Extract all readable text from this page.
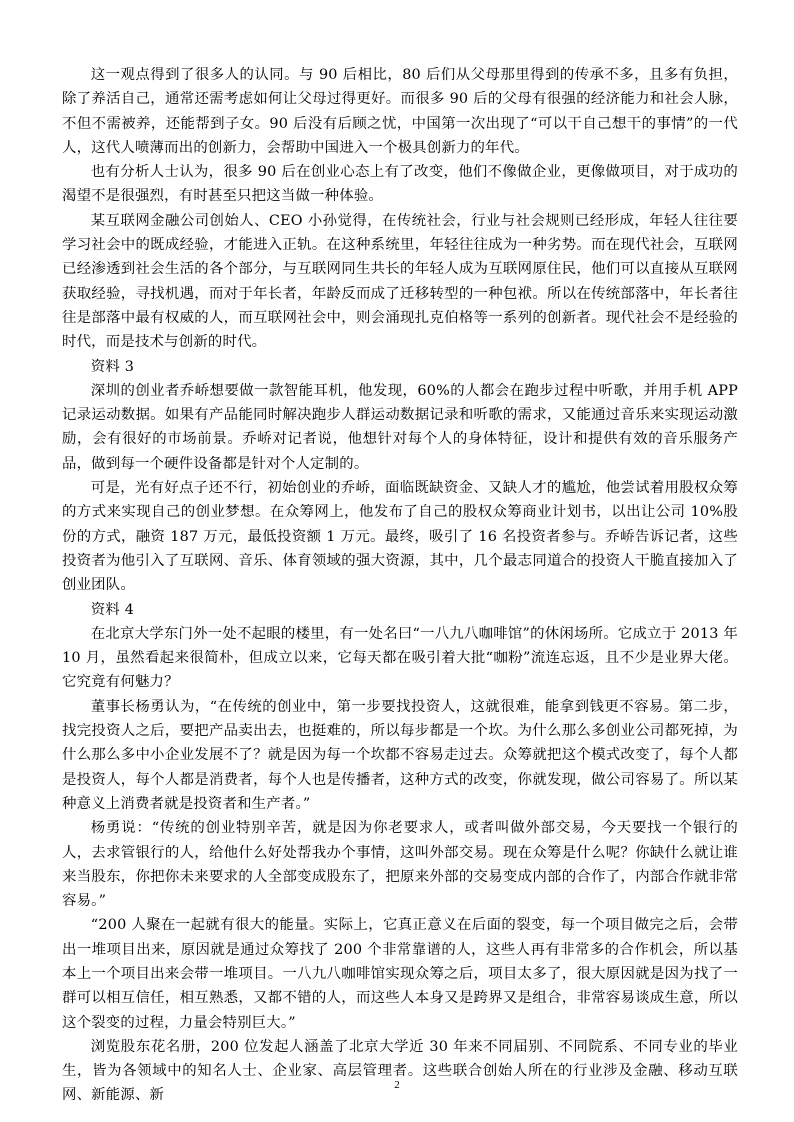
这一观点得到了很多人的认同。与 90 后相比，80 后们从父母那里得到的传承不多，且多有负担，除了养活自己，通常还需考虑如何让父母过得更好。而很多 90 后的父母有很强的经济能力和社会人脉，不但不需被养，还能帮到子女。90 后没有后顾之忧，中国第一次出现了“可以干自己想干的事情”的一代人，这代人喷薄而出的创新力，会帮助中国进入一个极具创新力的年代。

也有分析人士认为，很多 90 后在创业心态上有了改变，他们不像做企业，更像做项目，对于成功的渴望不是很强烈，有时甚至只把这当做一种体验。

某互联网金融公司创始人、CEO 小孙觉得，在传统社会，行业与社会规则已经形成，年轻人往往要学习社会中的既成经验，才能进入正轨。在这种系统里，年轻往往成为一种劣势。而在现代社会，互联网已经渗透到社会生活的各个部分，与互联网同生共长的年轻人成为互联网原住民，他们可以直接从互联网获取经验，寻找机遇，而对于年长者，年龄反而成了迁移转型的一种包袱。所以在传统部落中，年长者往往是部落中最有权威的人，而互联网社会中，则会涌现扎克伯格等一系列的创新者。现代社会不是经验的时代，而是技术与创新的时代。

资料 3

深圳的创业者乔峤想要做一款智能耳机，他发现，60%的人都会在跑步过程中听歌，并用手机 APP 记录运动数据。如果有产品能同时解决跑步人群运动数据记录和听歌的需求，又能通过音乐来实现运动激励，会有很好的市场前景。乔峤对记者说，他想针对每个人的身体特征，设计和提供有效的音乐服务产品，做到每一个硬件设备都是针对个人定制的。

可是，光有好点子还不行，初始创业的乔峤，面临既缺资金、又缺人才的尴尬，他尝试着用股权众筹的方式来实现自己的创业梦想。在众筹网上，他发布了自己的股权众筹商业计划书，以出让公司 10%股份的方式，融资 187 万元，最低投资额 1 万元。最终，吸引了 16 名投资者参与。乔峤告诉记者，这些投资者为他引入了互联网、音乐、体育领域的强大资源，其中，几个最志同道合的投资人干脆直接加入了创业团队。

资料 4

在北京大学东门外一处不起眼的楼里，有一处名曰“一八九八咖啡馆”的休闲场所。它成立于 2013 年 10 月，虽然看起来很简朴，但成立以来，它每天都在吸引着大批“咖粉”流连忘返，且不少是业界大佬。它究竟有何魅力？

董事长杨勇认为，“在传统的创业中，第一步要找投资人，这就很难，能拿到钱更不容易。第二步，找完投资人之后，要把产品卖出去，也挺难的，所以每步都是一个坎。为什么那么多创业公司都死掉，为什么那么多中小企业发展不了？就是因为每一个坎都不容易走过去。众筹就把这个模式改变了，每个人都是投资人，每个人都是消费者，每个人也是传播者，这种方式的改变，你就发现，做公司容易了。所以某种意义上消费者就是投资者和生产者。”

杨勇说：“传统的创业特别辛苦，就是因为你老要求人，或者叫做外部交易，今天要找一个银行的人，去求管银行的人，给他什么好处帮我办个事情，这叫外部交易。现在众筹是什么呢？你缺什么就让谁来当股东，你把你未来要求的人全部变成股东了，把原来外部的交易变成内部的合作了，内部合作就非常容易。”

“200 人聚在一起就有很大的能量。实际上，它真正意义在后面的裂变，每一个项目做完之后，会带出一堆项目出来，原因就是通过众筹找了 200 个非常靠谱的人，这些人再有非常多的合作机会，所以基本上一个项目出来会带一堆项目。一八九八咖啡馆实现众筹之后，项目太多了，很大原因就是因为找了一群可以相互信任，相互熟悉，又都不错的人，而这些人本身又是跨界又是组合，非常容易谈成生意，所以这个裂变的过程，力量会特别巨大。”

浏览股东花名册，200 位发起人涵盖了北京大学近 30 年来不同届别、不同院系、不同专业的毕业生，皆为各领域中的知名人士、企业家、高层管理者。这些联合创始人所在的行业涉及金融、移动互联网、新能源、新

2
